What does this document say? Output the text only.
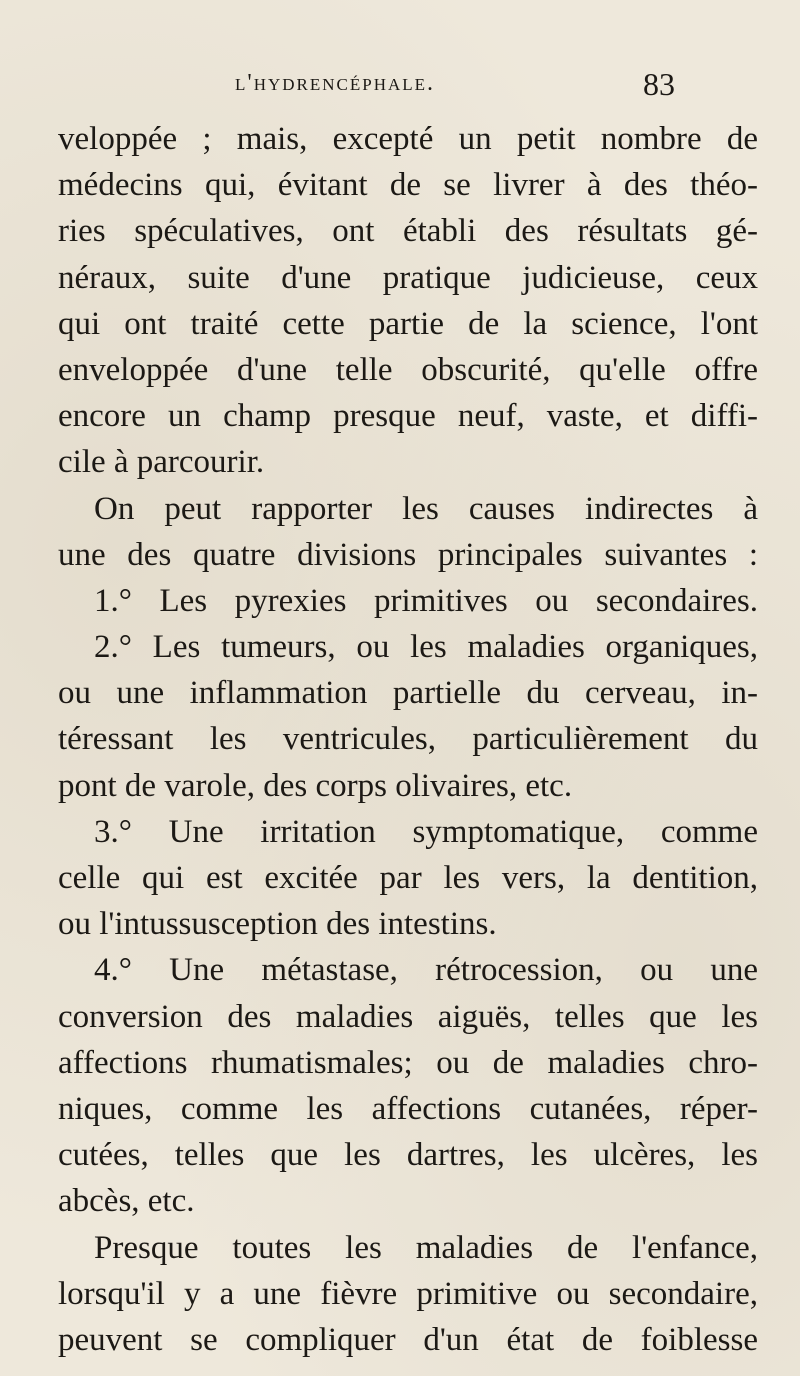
l'hydrencéphale.	83
veloppée ; mais, excepté un petit nombre de
médecins qui, évitant de se livrer à des théo-
ries spéculatives, ont établi des résultats gé-
néraux, suite d'une pratique judicieuse, ceux
qui ont traité cette partie de la science, l'ont
enveloppée d'une telle obscurité, qu'elle offre
encore un champ presque neuf, vaste, et diffi-
cile à parcourir.
On peut rapporter les causes indirectes à
une des quatre divisions principales suivantes :
1.° Les pyrexies primitives ou secondaires.
2.° Les tumeurs, ou les maladies organiques,
ou une inflammation partielle du cerveau, in-
téressant les ventricules, particulièrement du
pont de varole, des corps olivaires, etc.
3.° Une irritation symptomatique, comme
celle qui est excitée par les vers, la dentition,
ou l'intussusception des intestins.
4.° Une métastase, rétrocession, ou une
conversion des maladies aiguës, telles que les
affections rhumatismales; ou de maladies chro-
niques, comme les affections cutanées, réper-
cutées, telles que les dartres, les ulcères, les
abcès, etc.
Presque toutes les maladies de l'enfance,
lorsqu'il y a une fièvre primitive ou secondaire,
peuvent se compliquer d'un état de foiblesse
